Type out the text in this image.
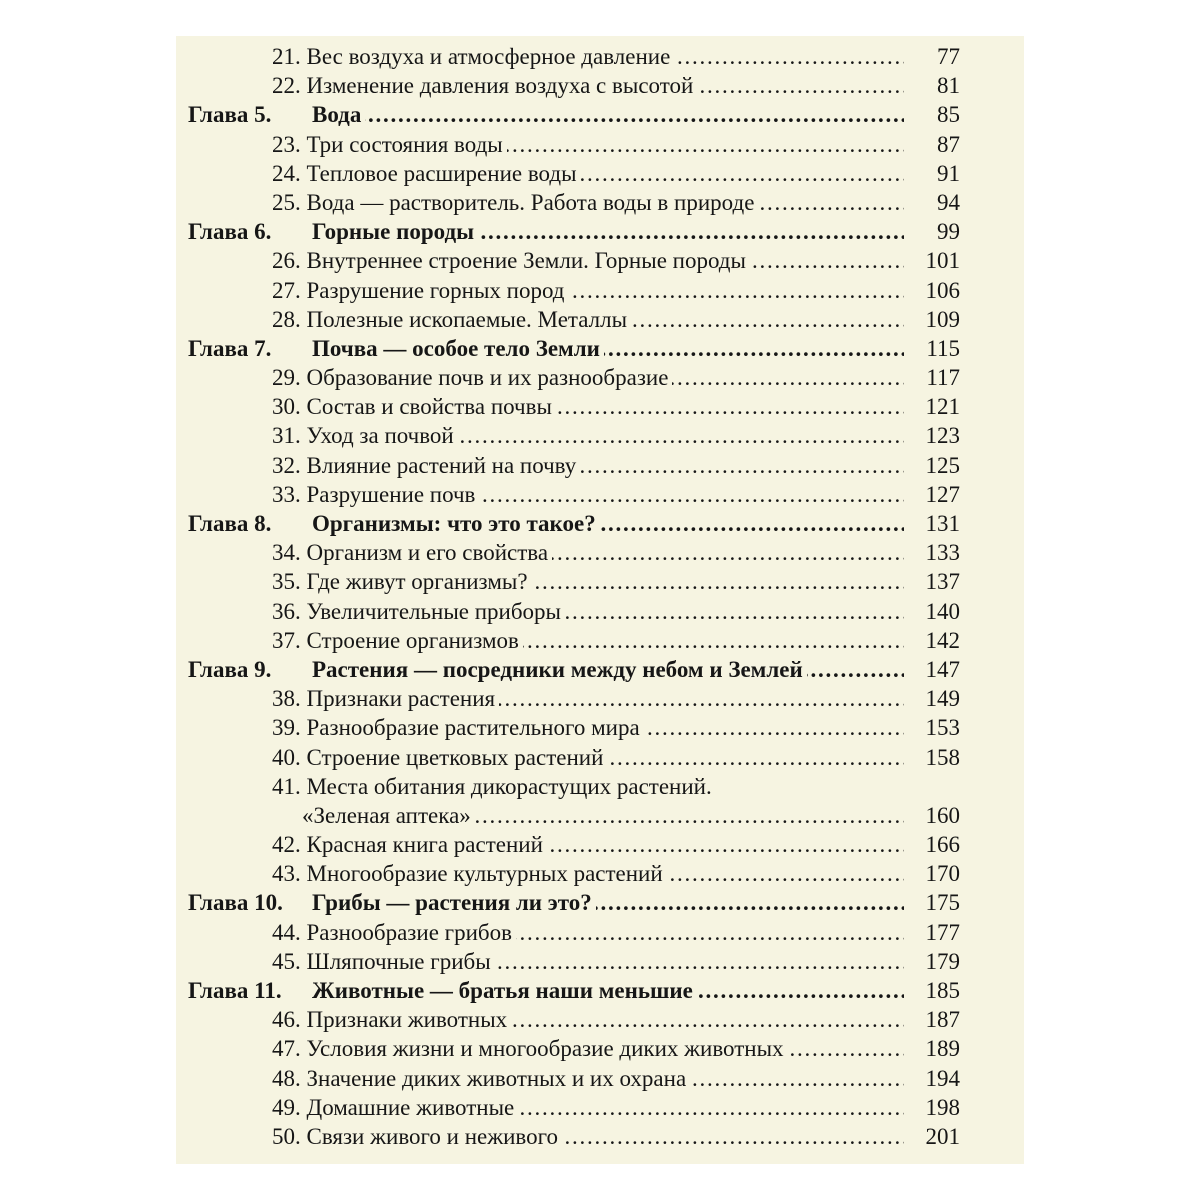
21. Вес воздуха и атмосферное давление . . .	77
22. Изменение давления воздуха с высотой . . .	81
Глава 5. Вода . . .	85
23. Три состояния воды . . .	87
24. Тепловое расширение воды . . .	91
25. Вода — растворитель. Работа воды в природе . . .	94
Глава 6. Горные породы . . .	99
26. Внутреннее строение Земли. Горные породы . . .	101
27. Разрушение горных пород . . .	106
28. Полезные ископаемые. Металлы . . .	109
Глава 7. Почва — особое тело Земли . . .	115
29. Образование почв и их разнообразие . . .	117
30. Состав и свойства почвы . . .	121
31. Уход за почвой . . .	123
32. Влияние растений на почву . . .	125
33. Разрушение почв . . .	127
Глава 8. Организмы: что это такое? . . .	131
34. Организм и его свойства . . .	133
35. Где живут организмы? . . .	137
36. Увеличительные приборы . . .	140
37. Строение организмов . . .	142
Глава 9. Растения — посредники между небом и Землей . . .	147
38. Признаки растения . . .	149
39. Разнообразие растительного мира . . .	153
40. Строение цветковых растений . . .	158
41. Места обитания дикорастущих растений.
«Зеленая аптека» . . .	160
42. Красная книга растений . . .	166
43. Многообразие культурных растений . . .	170
Глава 10. Грибы — растения ли это? . . .	175
44. Разнообразие грибов . . .	177
45. Шляпочные грибы . . .	179
Глава 11. Животные — братья наши меньшие . . .	185
46. Признаки животных . . .	187
47. Условия жизни и многообразие диких животных . . .	189
48. Значение диких животных и их охрана . . .	194
49. Домашние животные . . .	198
50. Связи живого и неживого . . .	201
